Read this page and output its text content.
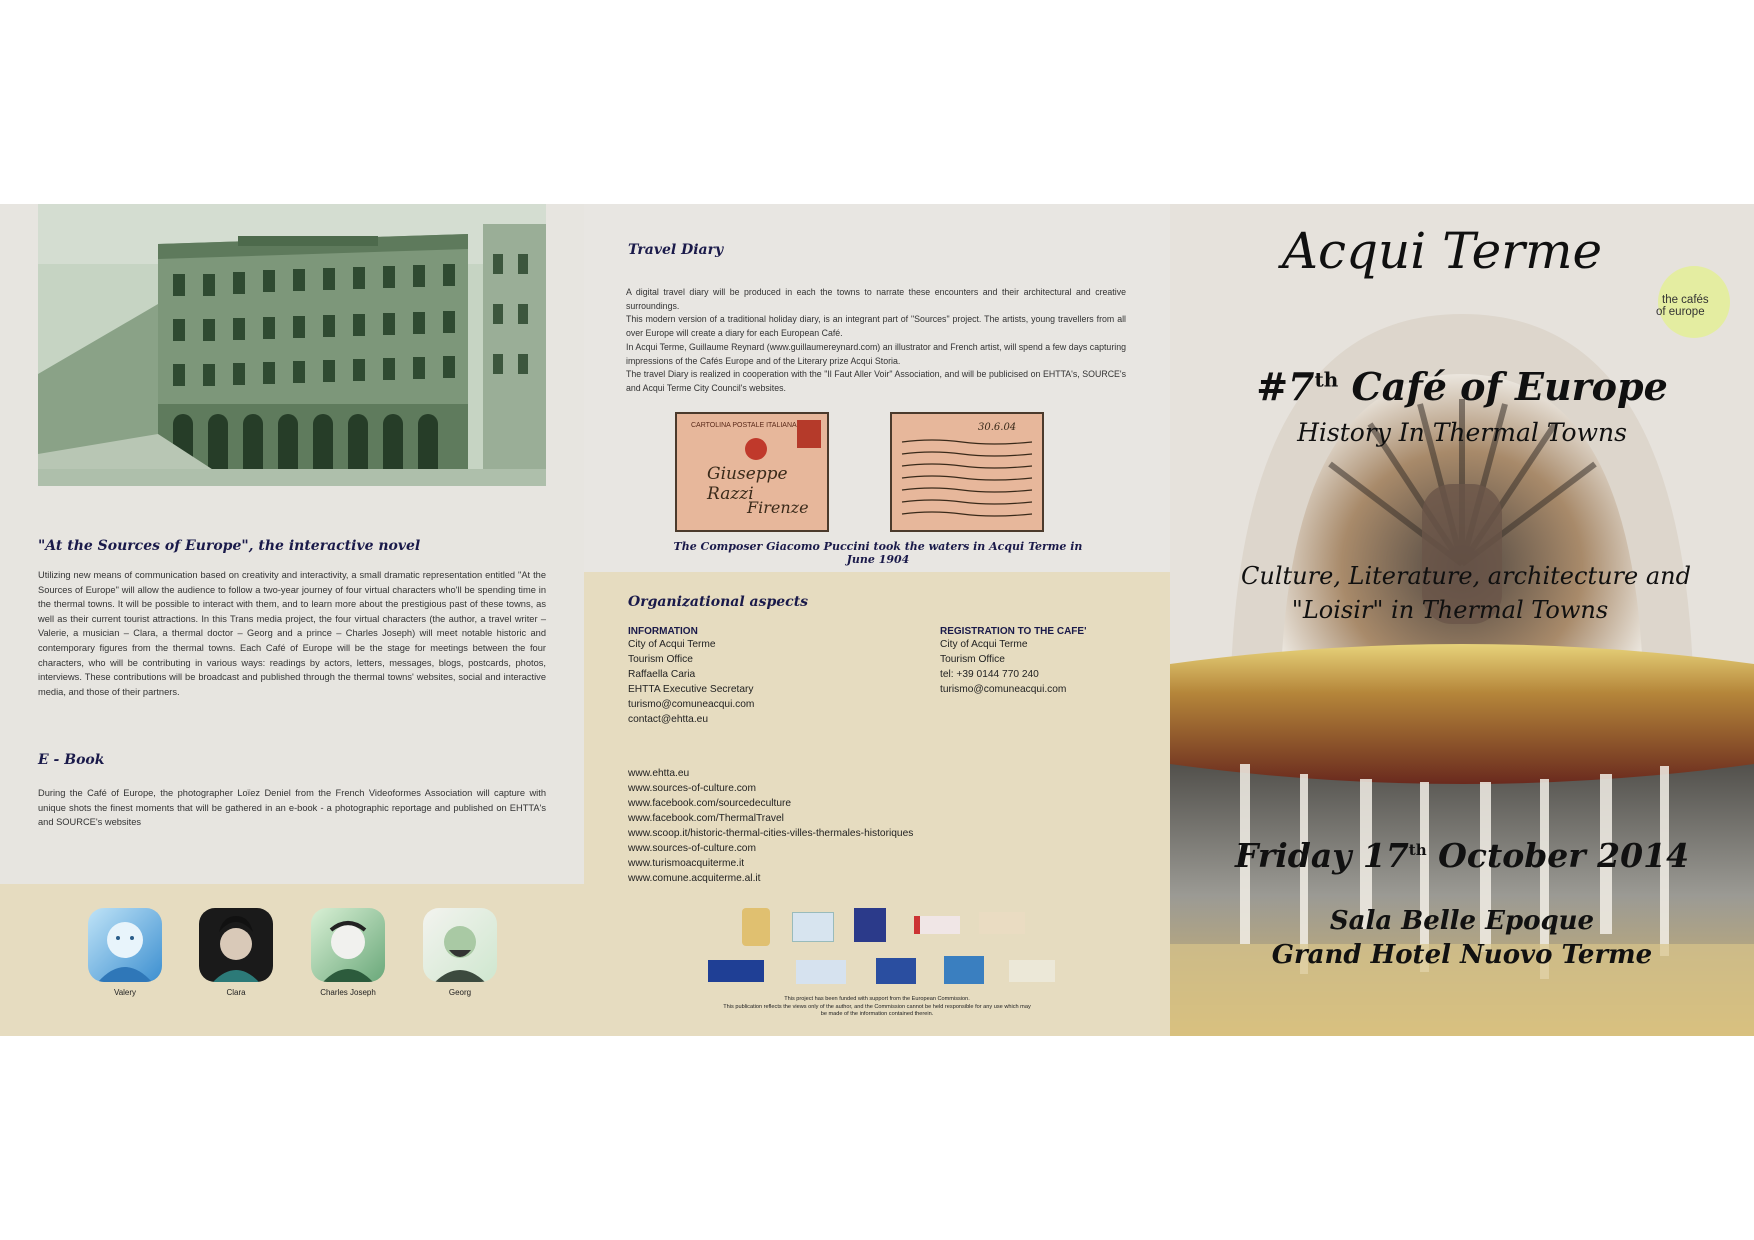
"At the Sources of Europe", the interactive novel
Utilizing new means of communication based on creativity and interactivity, a small dramatic representation entitled "At the Sources of Europe" will allow the audience to follow a two-year journey of four virtual characters who'll be spending time in the thermal towns. It will be possible to interact with them, and to learn more about the prestigious past of these towns, as well as their current tourist attractions. In this Trans media project, the four virtual characters (the author, a travel writer – Valerie, a musician – Clara, a thermal doctor – Georg and a prince – Charles Joseph) will meet notable historic and contemporary figures from the thermal towns. Each Café of Europe will be the stage for meetings between the four characters, who will be contributing in various ways: readings by actors, letters, messages, blogs, postcards, photos, interviews. These contributions will be broadcast and published through the thermal towns' websites, social and interactive media, and those of their partners.
E - Book
During the Café of Europe, the photographer Loïez Deniel from the French Videoformes Association will capture with unique shots the finest moments that will be gathered in an e-book - a photographic reportage and published on EHTTA's and SOURCE's websites
Valery	Clara	Charles Joseph	Georg
Travel Diary
A digital travel diary will be produced in each the towns to narrate these encounters and their architectural and creative surroundings.
This modern version of a traditional holiday diary, is an integrant part of "Sources" project. The artists, young travellers from all over Europe will create a diary for each European Café.
In Acqui Terme, Guillaume Reynard (www.guillaumereynard.com) an illustrator and French artist, will spend a few days capturing impressions of the Cafés Europe and of the Literary prize Acqui Storia.
The travel Diary is realized in cooperation with the "Il Faut Aller Voir" Association, and will be publicised on EHTTA's, SOURCE's and Acqui Terme City Council's websites.
CARTOLINA POSTALE ITALIANA
Giuseppe Razzi
Firenze
30.6.04
The Composer Giacomo Puccini took the waters in Acqui Terme in June 1904
Organizational aspects
INFORMATION
City of Acqui Terme
Tourism Office
Raffaella Caria
EHTTA Executive Secretary
turismo@comuneacqui.com
contact@ehtta.eu
REGISTRATION TO THE CAFE'
City of Acqui Terme
Tourism Office
tel: +39 0144 770 240
turismo@comuneacqui.com
www.ehtta.eu
www.sources-of-culture.com
www.facebook.com/sourcedeculture
www.facebook.com/ThermalTravel
www.scoop.it/historic-thermal-cities-villes-thermales-historiques
www.sources-of-culture.com
www.turismoacquiterme.it
www.comune.acquiterme.al.it
This project has been funded with support from the European Commission.
This publication reflects the views only of the author, and the Commission cannot be held responsible for any use which may
be made of the information contained therein.
Acqui Terme
the cafés
of europe
#7th Café of Europe
History In Thermal Towns
Culture, Literature, architecture and
"Loisir" in Thermal Towns
Friday 17th October 2014
Sala Belle Epoque
Grand Hotel Nuovo Terme
